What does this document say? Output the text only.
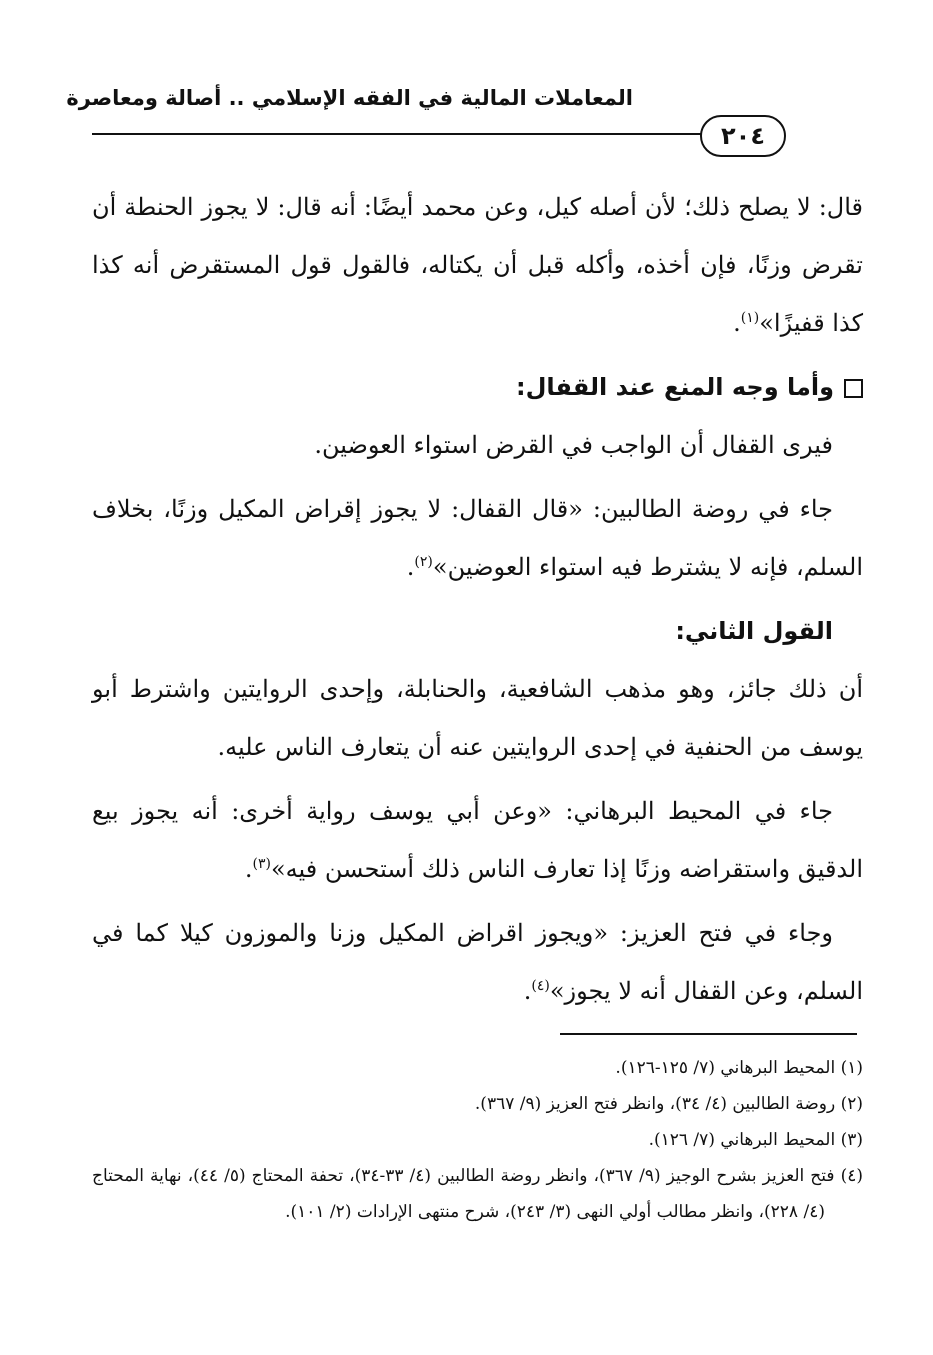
المعاملات المالية في الفقه الإسلامي .. أصالة ومعاصرة
٢٠٤

قال: لا يصلح ذلك؛ لأن أصله كيل، وعن محمد أيضًا: أنه قال: لا يجوز الحنطة أن تقرض وزنًا، فإن أخذه، وأكله قبل أن يكتاله، فالقول قول المستقرض أنه كذا كذا قفيزًا»$^{(١)}$.

وأما وجه المنع عند القفال:

فيرى القفال أن الواجب في القرض استواء العوضين.

جاء في روضة الطالبين: «قال القفال: لا يجوز إقراض المكيل وزنًا، بخلاف السلم، فإنه لا يشترط فيه استواء العوضين»$^{(٢)}$.

القول الثاني:

أن ذلك جائز، وهو مذهب الشافعية، والحنابلة، وإحدى الروايتين واشترط أبو يوسف من الحنفية في إحدى الروايتين عنه أن يتعارف الناس عليه.

جاء في المحيط البرهاني: «وعن أبي يوسف رواية أخرى: أنه يجوز بيع الدقيق واستقراضه وزنًا إذا تعارف الناس ذلك أستحسن فيه»$^{(٣)}$.

وجاء في فتح العزيز: «ويجوز اقراض المكيل وزنا والموزون كيلا كما في السلم، وعن القفال أنه لا يجوز»$^{(٤)}$.

(١) المحيط البرهاني (٧/ ١٢٥-١٢٦).

(٢) روضة الطالبين (٤/ ٣٤)، وانظر فتح العزيز (٩/ ٣٦٧).

(٣) المحيط البرهاني (٧/ ١٢٦).

(٤) فتح العزيز بشرح الوجيز (٩/ ٣٦٧)، وانظر روضة الطالبين (٤/ ٣٣-٣٤)، تحفة المحتاج (٥/ ٤٤)، نهاية المحتاج (٤/ ٢٢٨)، وانظر مطالب أولي النهى (٣/ ٢٤٣)، شرح منتهى الإرادات (٢/ ١٠١).
